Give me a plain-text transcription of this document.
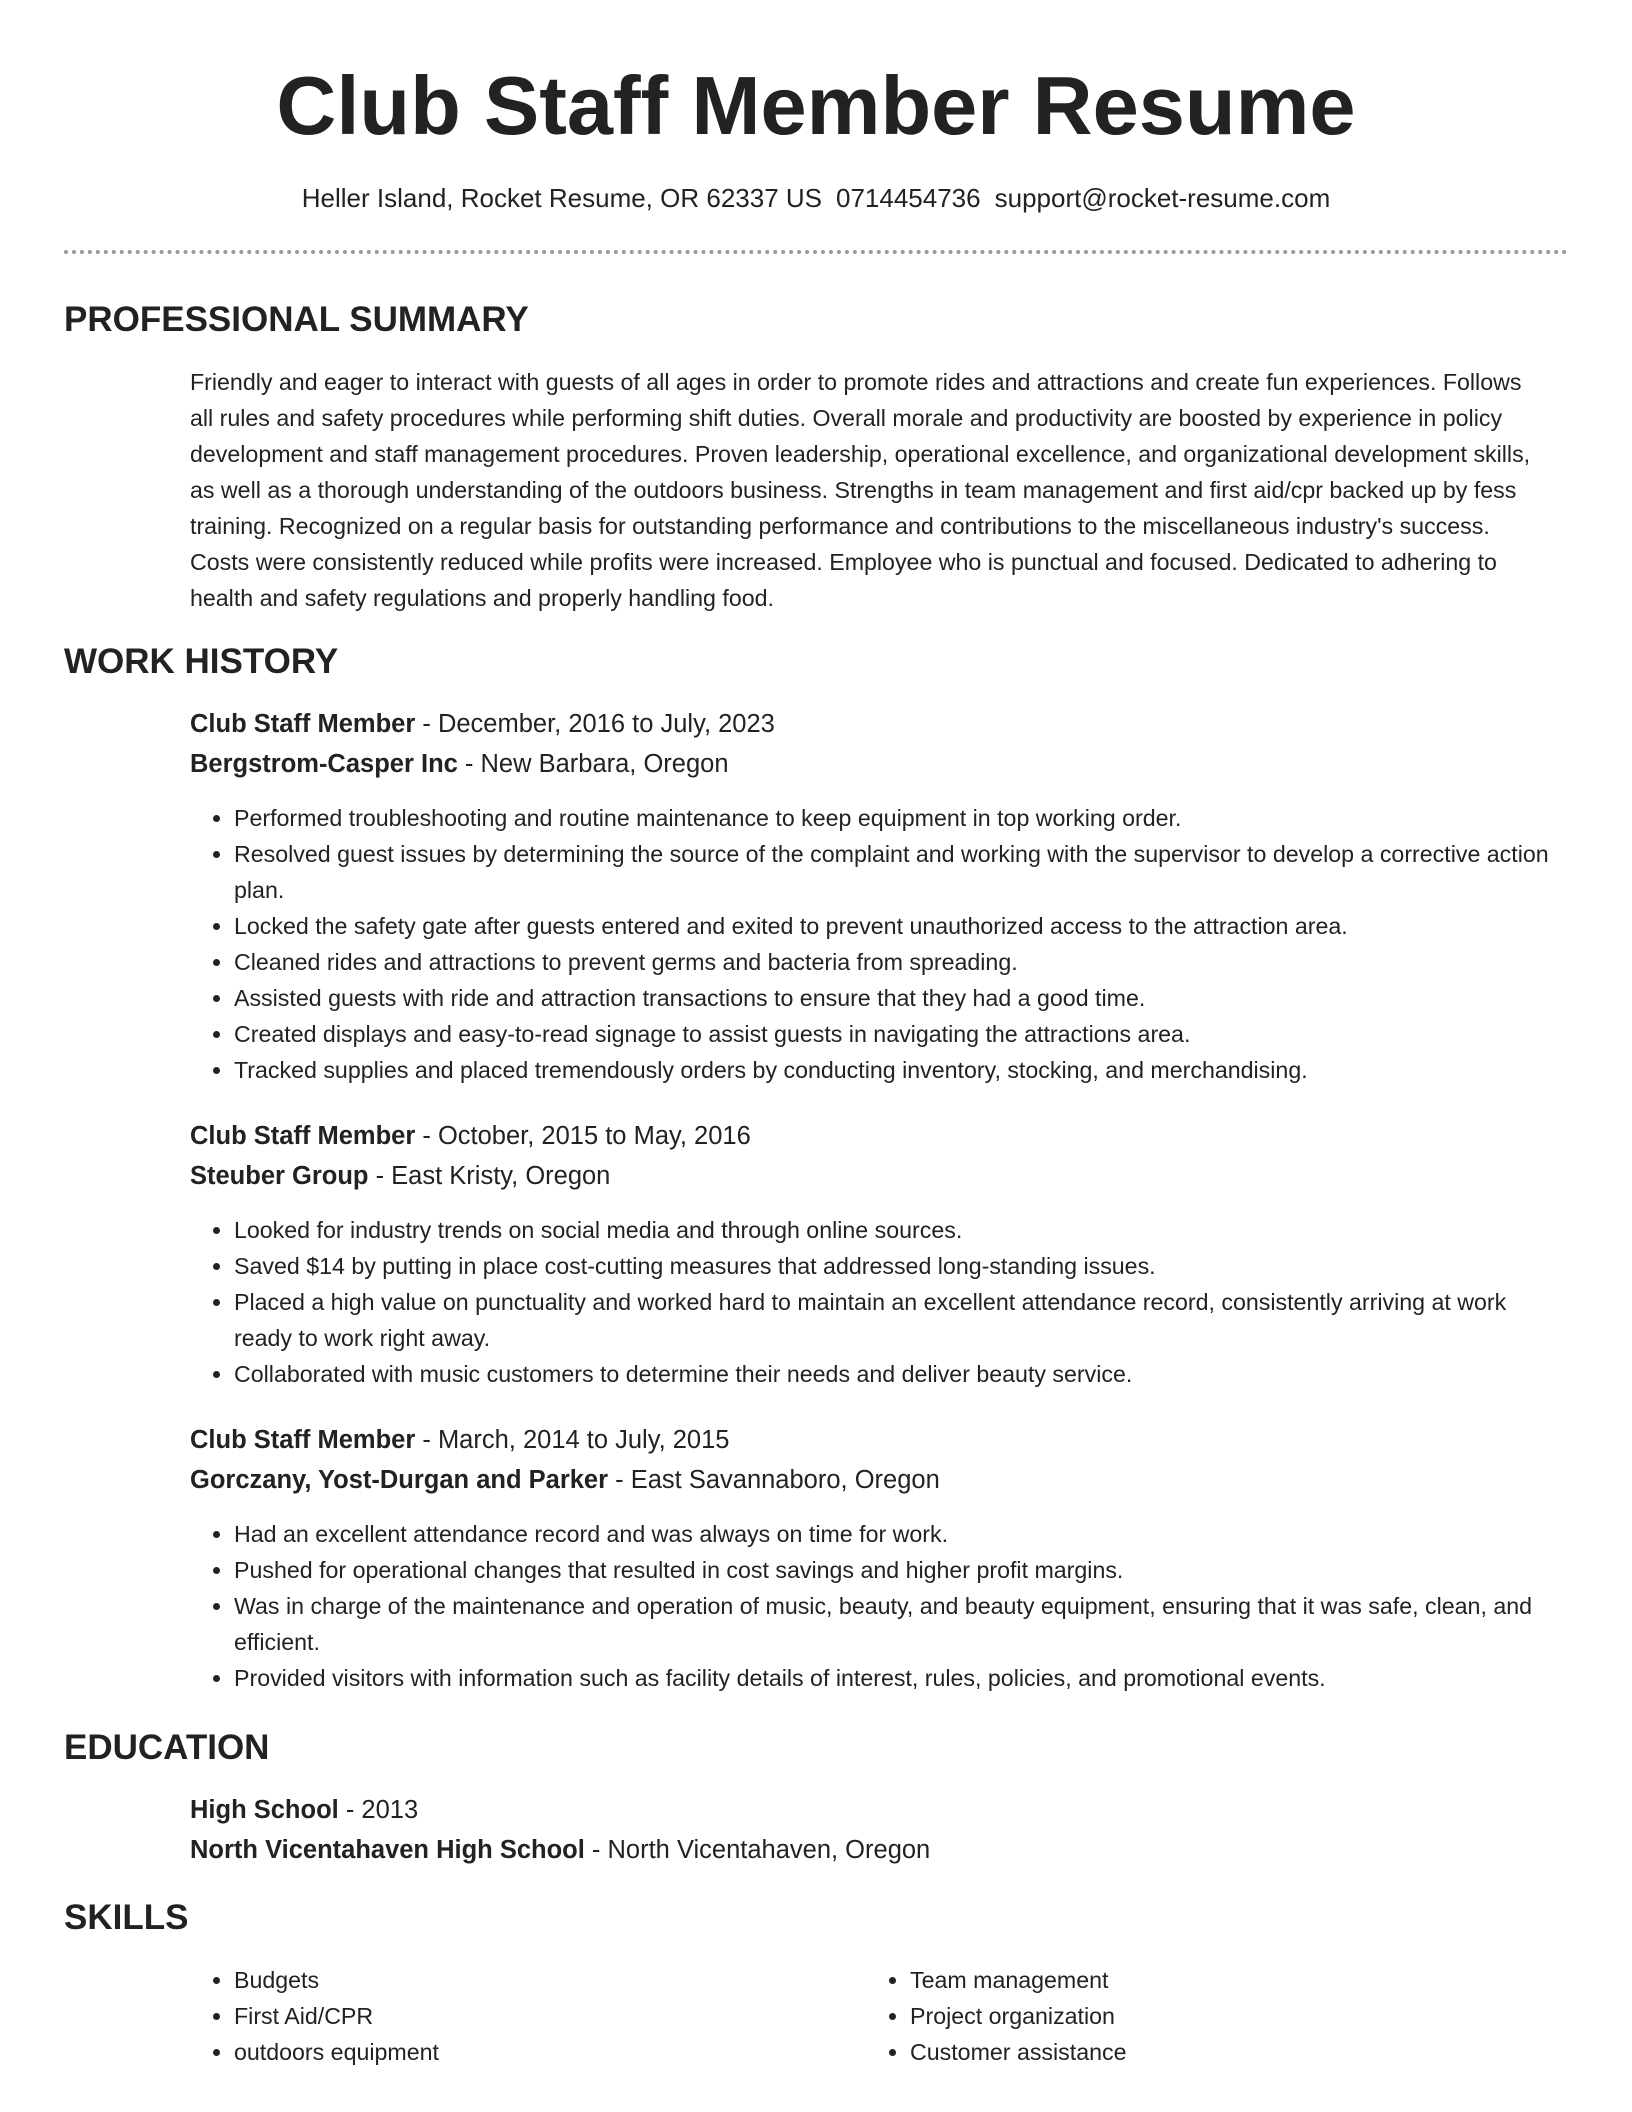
Club Staff Member Resume
Heller Island, Rocket Resume, OR 62337 US 0714454736 support@rocket-resume.com
PROFESSIONAL SUMMARY

Friendly and eager to interact with guests of all ages in order to promote rides and attractions and create fun experiences. Follows all rules and safety procedures while performing shift duties. Overall morale and productivity are boosted by experience in policy development and staff management procedures. Proven leadership, operational excellence, and organizational development skills, as well as a thorough understanding of the outdoors business. Strengths in team management and first aid/cpr backed up by fess training. Recognized on a regular basis for outstanding performance and contributions to the miscellaneous industry's success. Costs were consistently reduced while profits were increased. Employee who is punctual and focused. Dedicated to adhering to health and safety regulations and properly handling food.

WORK HISTORY

Club Staff Member - December, 2016 to July, 2023

Bergstrom-Casper Inc - New Barbara, Oregon

• Performed troubleshooting and routine maintenance to keep equipment in top working order.
• Resolved guest issues by determining the source of the complaint and working with the supervisor to develop a corrective action plan.
• Locked the safety gate after guests entered and exited to prevent unauthorized access to the attraction area.
• Cleaned rides and attractions to prevent germs and bacteria from spreading.
• Assisted guests with ride and attraction transactions to ensure that they had a good time.
• Created displays and easy-to-read signage to assist guests in navigating the attractions area.
• Tracked supplies and placed tremendously orders by conducting inventory, stocking, and merchandising.

Club Staff Member - October, 2015 to May, 2016

Steuber Group - East Kristy, Oregon

• Looked for industry trends on social media and through online sources.
• Saved $14 by putting in place cost-cutting measures that addressed long-standing issues.
• Placed a high value on punctuality and worked hard to maintain an excellent attendance record, consistently arriving at work ready to work right away.
• Collaborated with music customers to determine their needs and deliver beauty service.

Club Staff Member - March, 2014 to July, 2015

Gorczany, Yost-Durgan and Parker - East Savannaboro, Oregon

• Had an excellent attendance record and was always on time for work.
• Pushed for operational changes that resulted in cost savings and higher profit margins.
• Was in charge of the maintenance and operation of music, beauty, and beauty equipment, ensuring that it was safe, clean, and efficient.
• Provided visitors with information such as facility details of interest, rules, policies, and promotional events.
EDUCATION

High School - 2013

North Vicentahaven High School - North Vicentahaven, Oregon

SKILLS
• Budgets
• First Aid/CPR
• outdoors equipment
• Team management
• Project organization
• Customer assistance
